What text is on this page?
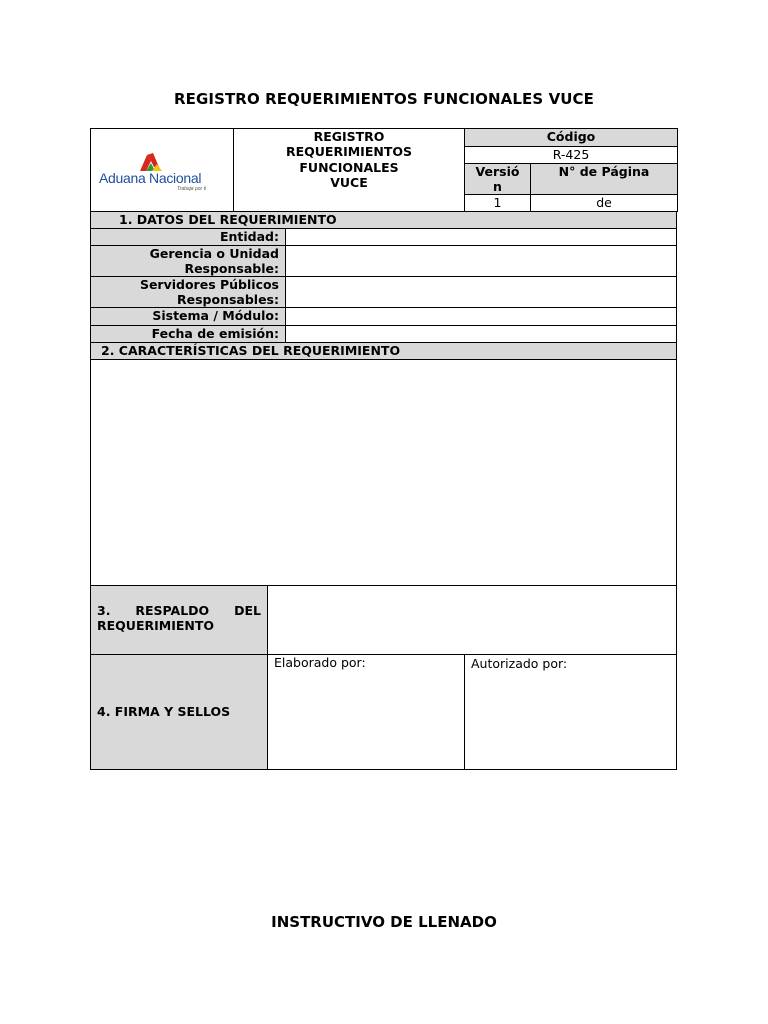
REGISTRO REQUERIMIENTOS FUNCIONALES VUCE
Aduana Nacional
Trabaja por ti
REGISTRO
REQUERIMIENTOS
FUNCIONALES
VUCE
Código
R-425
Versió
n
N° de Página
1	de
1. DATOS DEL REQUERIMIENTO
Entidad:
Gerencia o Unidad
Responsable:
Servidores Públicos
Responsables:
Sistema / Módulo:
Fecha de emisión:
2. CARACTERÍSTICAS DEL REQUERIMIENTO
3. RESPALDO DEL
REQUERIMIENTO
4. FIRMA Y SELLOS
Elaborado por:	Autorizado por:
INSTRUCTIVO DE LLENADO
